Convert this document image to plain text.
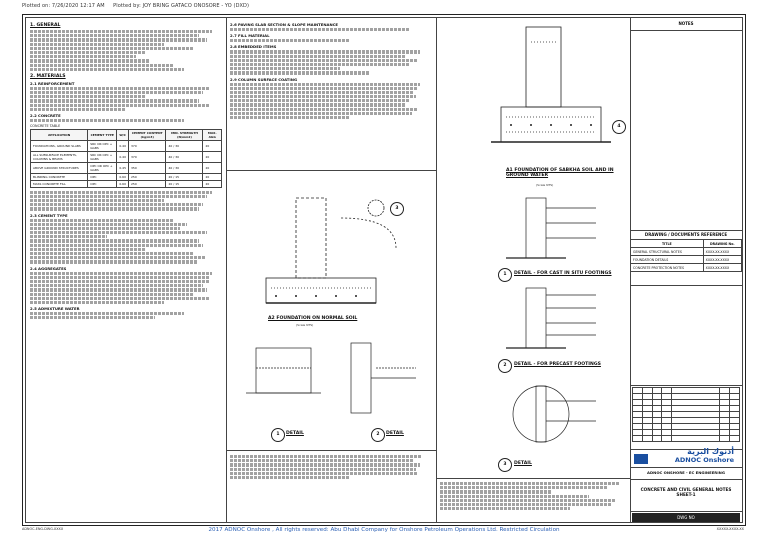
Plotted on: 7/26/2020 12:17 AM Plotted by: JOY BRING GATACO ONOSORE - YO (DXD)
1. GENERAL
2. MATERIALS
2.1 REINFORCEMENT
2.2 CONCRETE
CONCRETE TABLE
APPLICATION	CEMENT TYPE	W/C	CEMENT CONTENT (kg/m3)	MIN. STRENGTH (N/mm2)	MAX. AGG
FOUNDATIONS, GROUND SLABS	SRC OR OPC + GGBS	0.40	370	40 / 30	20
ALL SUBSURFACE ELEMENTS, COLUMNS & BEAMS	SRC OR OPC + GGBS	0.40	370	40 / 30	20
ABOVE GROUND STRUCTURES	OPC OR OPC + GGBS	0.45	350	40 / 30	20
BLINDING CONCRETE	OPC	0.60	250	20 / 15	20
MASS CONCRETE FILL	OPC	0.60	250	20 / 15	20
2.3 CEMENT TYPE
2.4 AGGREGATES
2.5 ADMIXTURE WATER
2.6 PAVING SLAB SECTION & SLOPE MAINTENANCE
2.7 FILL MATERIAL
2.8 EMBEDDED ITEMS
2.9 COLUMN SURFACE COATING
3
A2 FOUNDATION ON NORMAL SOIL
(Scale NTS)
1	DETAIL	2	DETAIL
4
A1 FOUNDATION OF SABKHA SOIL AND IN GROUND WATER
(Scale NTS)
1	DETAIL - FOR CAST IN SITU FOOTINGS
2	DETAIL - FOR PRECAST FOOTINGS
3	DETAIL
NOTES
DRAWING / DOCUMENTS REFERENCE
TITLE	DRAWING No.
GENERAL STRUCTURAL NOTES	XXXX-XX-XXXX
FOUNDATION DETAILS	XXXX-XX-XXXX
CONCRETE PROTECTION NOTES	XXXX-XX-XXXX

أدنوك البرية
ADNOC Onshore
ADNOC ONSHORE - EC ENGINEERING
CONCRETE AND CIVIL GENERAL NOTES
SHEET-1
DWG NO
ADNOC-ENG-DWG-XXXX	2017 ADNOC Onshore , All rights reserved: Abu Dhabi Company for Onshore Petroleum Operations Ltd. Restricted Circulation	XXXXX-XXXX-XX
